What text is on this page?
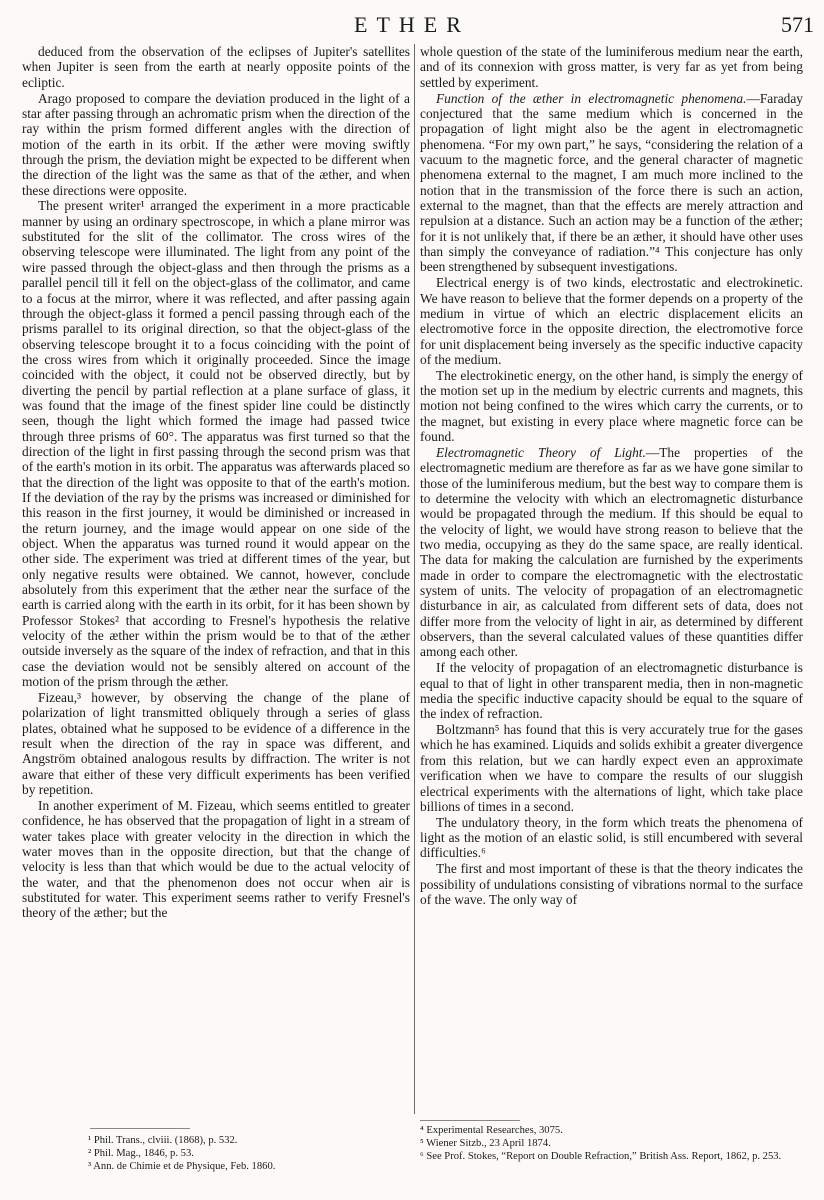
ETHER	571
deduced from the observation of the eclipses of Jupiter's satellites when Jupiter is seen from the earth at nearly opposite points of the ecliptic.
Arago proposed to compare the deviation produced in the light of a star after passing through an achromatic prism when the direction of the ray within the prism formed different angles with the direction of motion of the earth in its orbit. If the æther were moving swiftly through the prism, the deviation might be expected to be different when the direction of the light was the same as that of the æther, and when these directions were opposite.
The present writer¹ arranged the experiment in a more practicable manner by using an ordinary spectroscope, in which a plane mirror was substituted for the slit of the collimator. The cross wires of the observing telescope were illuminated. The light from any point of the wire passed through the object-glass and then through the prisms as a parallel pencil till it fell on the object-glass of the collimator, and came to a focus at the mirror, where it was reflected, and after passing again through the object-glass it formed a pencil passing through each of the prisms parallel to its original direction, so that the object-glass of the observing telescope brought it to a focus coinciding with the point of the cross wires from which it originally proceeded. Since the image coincided with the object, it could not be observed directly, but by diverting the pencil by partial reflection at a plane surface of glass, it was found that the image of the finest spider line could be distinctly seen, though the light which formed the image had passed twice through three prisms of 60°. The apparatus was first turned so that the direction of the light in first passing through the second prism was that of the earth's motion in its orbit. The apparatus was afterwards placed so that the direction of the light was opposite to that of the earth's motion. If the deviation of the ray by the prisms was increased or diminished for this reason in the first journey, it would be diminished or increased in the return journey, and the image would appear on one side of the object. When the apparatus was turned round it would appear on the other side. The experiment was tried at different times of the year, but only negative results were obtained. We cannot, however, conclude absolutely from this experiment that the æther near the surface of the earth is carried along with the earth in its orbit, for it has been shown by Professor Stokes² that according to Fresnel's hypothesis the relative velocity of the æther within the prism would be to that of the æther outside inversely as the square of the index of refraction, and that in this case the deviation would not be sensibly altered on account of the motion of the prism through the æther.
Fizeau,³ however, by observing the change of the plane of polarization of light transmitted obliquely through a series of glass plates, obtained what he supposed to be evidence of a difference in the result when the direction of the ray in space was different, and Angström obtained analogous results by diffraction. The writer is not aware that either of these very difficult experiments has been verified by repetition.
In another experiment of M. Fizeau, which seems entitled to greater confidence, he has observed that the propagation of light in a stream of water takes place with greater velocity in the direction in which the water moves than in the opposite direction, but that the change of velocity is less than that which would be due to the actual velocity of the water, and that the phenomenon does not occur when air is substituted for water. This experiment seems rather to verify Fresnel's theory of the æther; but the
whole question of the state of the luminiferous medium near the earth, and of its connexion with gross matter, is very far as yet from being settled by experiment.
Function of the æther in electromagnetic phenomena.—Faraday conjectured that the same medium which is concerned in the propagation of light might also be the agent in electromagnetic phenomena. “For my own part,” he says, “considering the relation of a vacuum to the magnetic force, and the general character of magnetic phenomena external to the magnet, I am much more inclined to the notion that in the transmission of the force there is such an action, external to the magnet, than that the effects are merely attraction and repulsion at a distance. Such an action may be a function of the æther; for it is not unlikely that, if there be an æther, it should have other uses than simply the conveyance of radiation.”⁴ This conjecture has only been strengthened by subsequent investigations.
Electrical energy is of two kinds, electrostatic and electrokinetic. We have reason to believe that the former depends on a property of the medium in virtue of which an electric displacement elicits an electromotive force in the opposite direction, the electromotive force for unit displacement being inversely as the specific inductive capacity of the medium.
The electrokinetic energy, on the other hand, is simply the energy of the motion set up in the medium by electric currents and magnets, this motion not being confined to the wires which carry the currents, or to the magnet, but existing in every place where magnetic force can be found.
Electromagnetic Theory of Light.—The properties of the electromagnetic medium are therefore as far as we have gone similar to those of the luminiferous medium, but the best way to compare them is to determine the velocity with which an electromagnetic disturbance would be propagated through the medium. If this should be equal to the velocity of light, we would have strong reason to believe that the two media, occupying as they do the same space, are really identical. The data for making the calculation are furnished by the experiments made in order to compare the electromagnetic with the electrostatic system of units. The velocity of propagation of an electromagnetic disturbance in air, as calculated from different sets of data, does not differ more from the velocity of light in air, as determined by different observers, than the several calculated values of these quantities differ among each other.
If the velocity of propagation of an electromagnetic disturbance is equal to that of light in other transparent media, then in non-magnetic media the specific inductive capacity should be equal to the square of the index of refraction.
Boltzmann⁵ has found that this is very accurately true for the gases which he has examined. Liquids and solids exhibit a greater divergence from this relation, but we can hardly expect even an approximate verification when we have to compare the results of our sluggish electrical experiments with the alternations of light, which take place billions of times in a second.
The undulatory theory, in the form which treats the phenomena of light as the motion of an elastic solid, is still encumbered with several difficulties.⁶
The first and most important of these is that the theory indicates the possibility of undulations consisting of vibrations normal to the surface of the wave. The only way of
¹ Phil. Trans., clviii. (1868), p. 532.
² Phil. Mag., 1846, p. 53.
³ Ann. de Chimie et de Physique, Feb. 1860.
⁴ Experimental Researches, 3075.
⁵ Wiener Sitzb., 23 April 1874.
⁶ See Prof. Stokes, “Report on Double Refraction,” British Ass. Report, 1862, p. 253.
